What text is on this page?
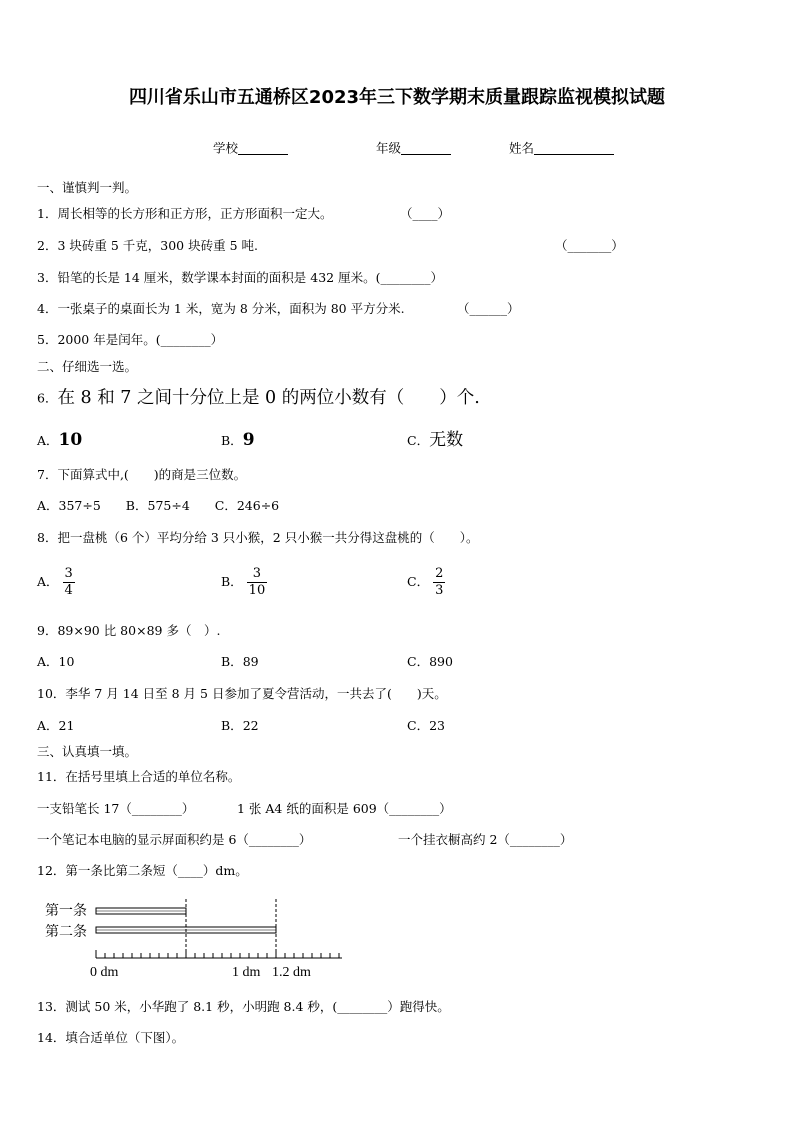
四川省乐山市五通桥区2023年三下数学期末质量跟踪监视模拟试题
学校	年级	姓名
一、谨慎判一判。
1．周长相等的长方形和正方形，正方形面积一定大。	（____）
2．3 块砖重 5 千克，300 块砖重 5 吨.	（_______）
3．铅笔的长是 14 厘米，数学课本封面的面积是 432 厘米。(________）
4．一张桌子的桌面长为 1 米，宽为 8 分米，面积为 80 平方分米.	（______）
5．2000 年是闰年。(________）
二、仔细选一选。
6．在 8 和 7 之间十分位上是 0 的两位小数有（　　）个.
A．10	B．9	C．无数
7．下面算式中,(　　)的商是三位数。
A．357÷5　　B．575÷4　　C．246÷6
8．把一盘桃（6 个）平均分给 3 只小猴，2 只小猴一共分得这盘桃的（　　）。
A． $\frac{3}{4}$	B． $\frac{3}{10}$	C． $\frac{2}{3}$
9．89×90 比 80×89 多（　）.
A．10	B．89	C．890
10．李华 7 月 14 日至 8 月 5 日参加了夏令营活动，一共去了(　　)天。
A．21	B．22	C．23
三、认真填一填。
11．在括号里填上合适的单位名称。
一支铅笔长 17（________）	1 张 A4 纸的面积是 609（________）
一个笔记本电脑的显示屏面积约是 6（________）	一个挂衣橱高约 2（________）
12．第一条比第二条短（____）dm。
第一条
第二条
0 dm	1 dm 1.2 dm
13．测试 50 米，小华跑了 8.1 秒，小明跑 8.4 秒，(________）跑得快。
14．填合适单位（下图）。
